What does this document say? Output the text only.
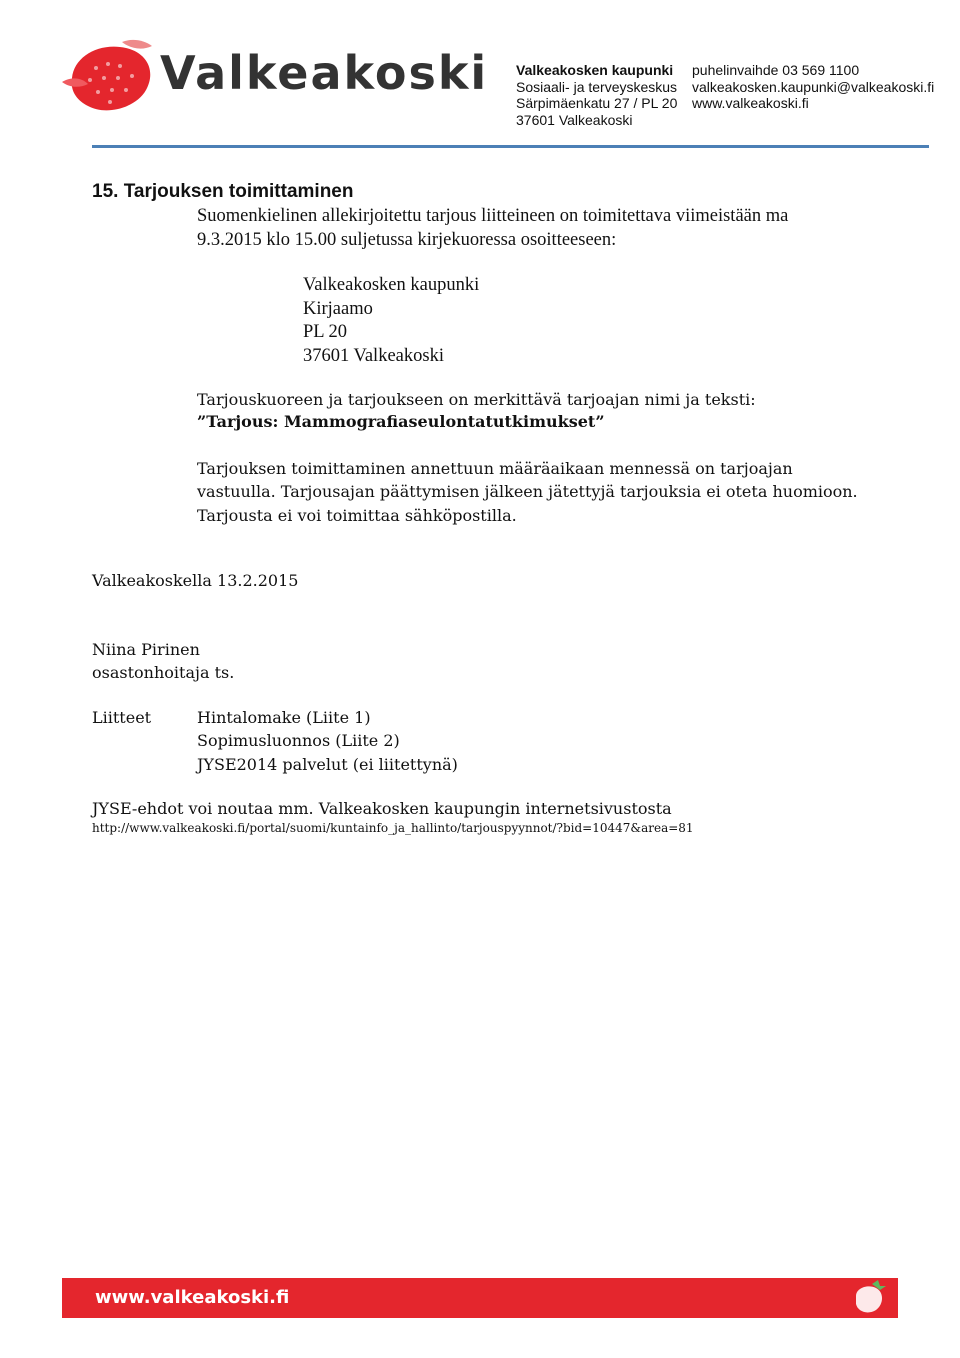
Valkeakoski Valkeakosken kaupunki
Sosiaali- ja terveyskeskus
Särpimäenkatu 27 / PL 20
37601 Valkeakoski
puhelinvaihde 03 569 1100
valkeakosken.kaupunki@valkeakoski.fi
www.valkeakoski.fi
15. Tarjouksen toimittaminen
Suomenkielinen allekirjoitettu tarjous liitteineen on toimitettava viimeistään ma
9.3.2015 klo 15.00 suljetussa kirjekuoressa osoitteeseen:
Valkeakosken kaupunki
Kirjaamo
PL 20
37601 Valkeakoski
Tarjouskuoreen ja tarjoukseen on merkittävä tarjoajan nimi ja teksti:
”Tarjous: Mammografiaseulontatutkimukset”
Tarjouksen toimittaminen annettuun määräaikaan mennessä on tarjoajan
vastuulla. Tarjousajan päättymisen jälkeen jätettyjä tarjouksia ei oteta huomioon.
Tarjousta ei voi toimittaa sähköpostilla.
Valkeakoskella 13.2.2015
Niina Pirinen
osastonhoitaja ts.
Liitteet	Hintalomake (Liite 1)
Sopimusluonnos (Liite 2)
JYSE2014 palvelut (ei liitettynä)
JYSE-ehdot voi noutaa mm. Valkeakosken kaupungin internetsivustosta
http://www.valkeakoski.fi/portal/suomi/kuntainfo_ja_hallinto/tarjouspyynnot/?bid=10447&area=81
www.valkeakoski.fi
